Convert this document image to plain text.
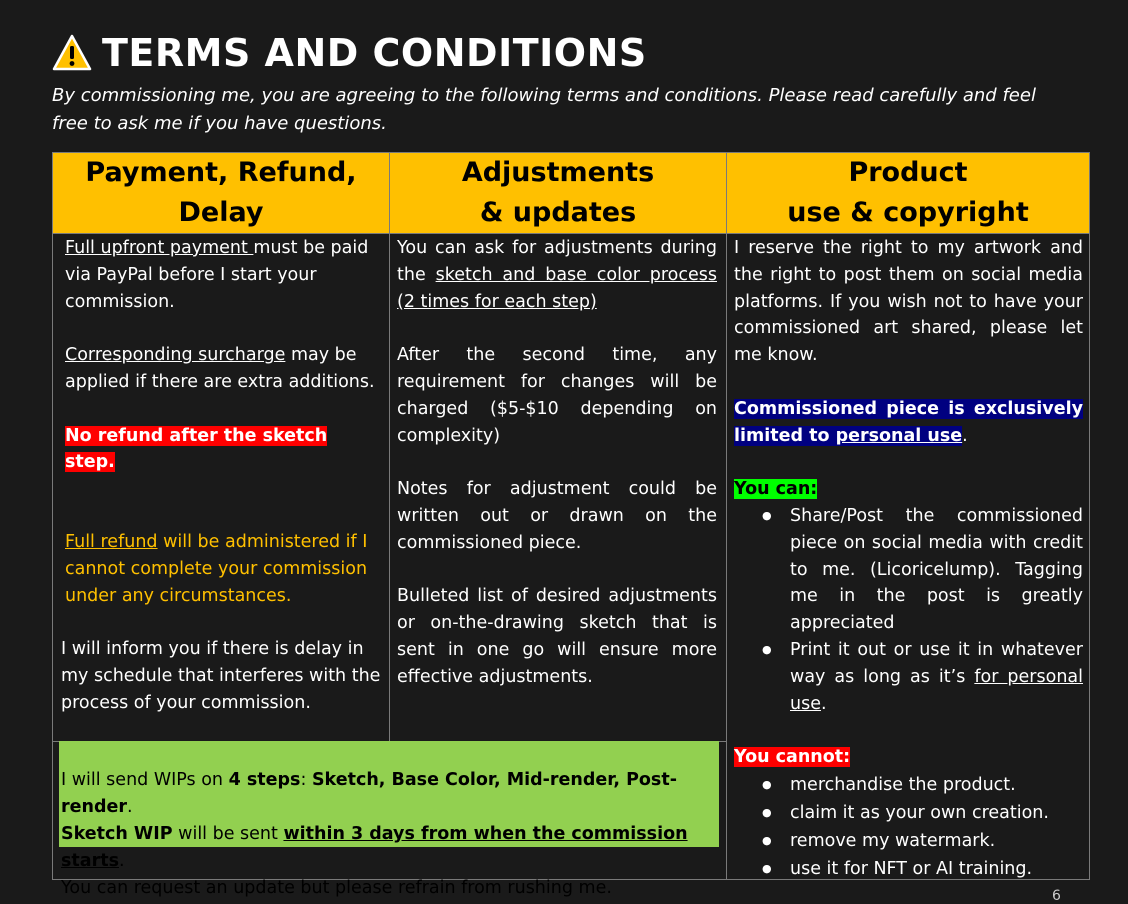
TERMS AND CONDITIONS
By commissioning me, you are agreeing to the following terms and conditions. Please read carefully and feel free to ask me if you have questions.
Payment, Refund,
Delay
Adjustments
& updates
Product
use & copyright

Full upfront payment must be paid via PayPal before I start your commission.

Corresponding surcharge may be applied if there are extra additions.

No refund after the sketch step.

Full refund will be administered if I cannot complete your commission under any circumstances.

I will inform you if there is delay in my schedule that interferes with the process of your commission.

You can ask for adjustments during the sketch and base color process (2 times for each step)

After the second time, any requirement for changes will be charged ($5-$10 depending on complexity)

Notes for adjustment could be written out or drawn on the commissioned piece.

Bulleted list of desired adjustments or on-the-drawing sketch that is sent in one go will ensure more effective adjustments.

I reserve the right to my artwork and the right to post them on social media platforms. If you wish not to have your commissioned art shared, please let me know.

Commissioned piece is exclusively limited to personal use.

You can:

● Share/Post the commissioned piece on social media with credit to me. (Licoricelump). Tagging me in the post is greatly appreciated
● Print it out or use it in whatever way as long as it’s for personal use.

You cannot:

● merchandise the product.
● claim it as your own creation.
● remove my watermark.
● use it for NFT or AI training.
I will send WIPs on 4 steps: Sketch, Base Color, Mid-render, Post- render.
Sketch WIP will be sent within 3 days from when the commission starts.
You can request an update but please refrain from rushing me.	6
